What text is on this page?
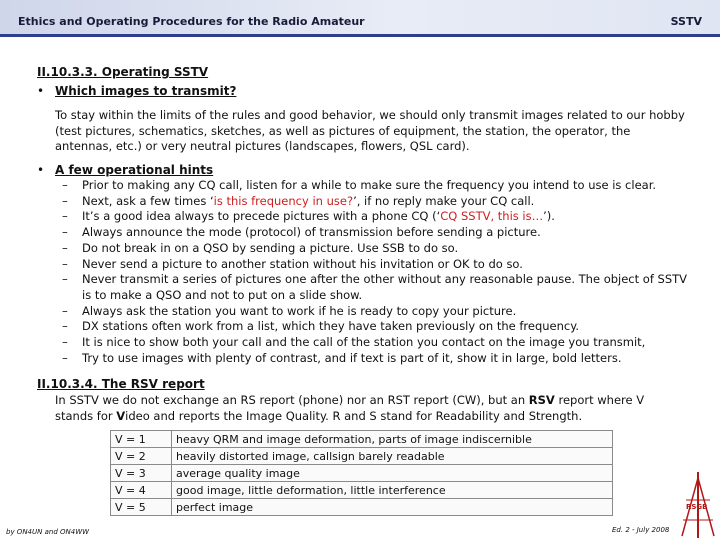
Ethics and Operating Procedures for the Radio Amateur	SSTV
II.10.3.3. Operating SSTV
• Which images to transmit?
To stay within the limits of the rules and good behavior, we should only transmit images related to our hobby (test pictures, schematics, sketches, as well as pictures of equipment, the station, the operator, the antennas, etc.) or very neutral pictures (landscapes, flowers, QSL card).
• A few operational hints
– Prior to making any CQ call, listen for a while to make sure the frequency you intend to use is clear.
– Next, ask a few times ‘is this frequency in use?’, if no reply make your CQ call.
– It’s a good idea always to precede pictures with a phone CQ (‘CQ SSTV, this is…’).
– Always announce the mode (protocol) of transmission before sending a picture.
– Do not break in on a QSO by sending a picture. Use SSB to do so.
– Never send a picture to another station without his invitation or OK to do so.
– Never transmit a series of pictures one after the other without any reasonable pause. The object of SSTV is to make a QSO and not to put on a slide show.
– Always ask the station you want to work if he is ready to copy your picture.
– DX stations often work from a list, which they have taken previously on the frequency.
– It is nice to show both your call and the call of the station you contact on the image you transmit,
– Try to use images with plenty of contrast, and if text is part of it, show it in large, bold letters.
II.10.3.4. The RSV report
In SSTV we do not exchange an RS report (phone) nor an RST report (CW), but an RSV report where V stands for Video and reports the Image Quality. R and S stand for Readability and Strength.
V = 1	heavy QRM and image deformation, parts of image indiscernible
V = 2	heavily distorted image, callsign barely readable
V = 3	average quality image
V = 4	good image, little deformation, little interference
V = 5	perfect image
by ON4UN and ON4WW	Ed. 2 - July 2008
RSGB
